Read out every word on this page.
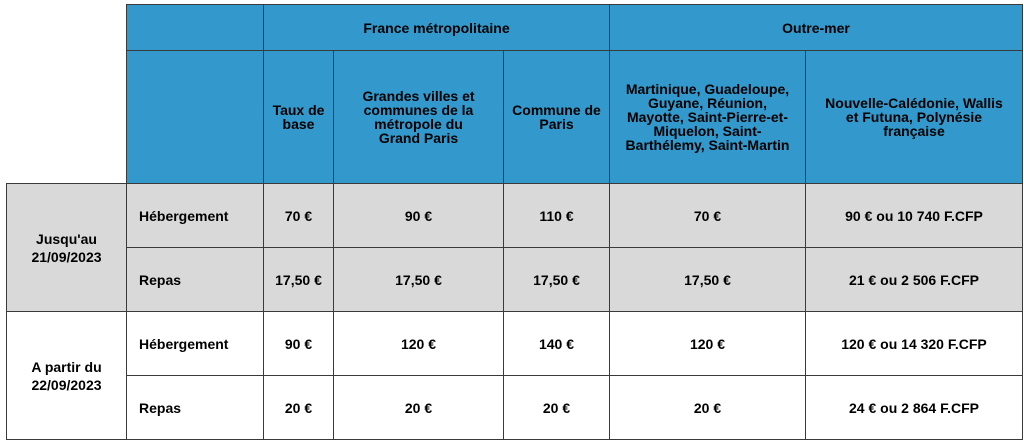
		France métropolitaine			Outre-mer	
		Taux de base	Grandes villes et communes de la métropole du Grand Paris	Commune de Paris	Martinique, Guadeloupe, Guyane, Réunion, Mayotte, Saint-Pierre-et-Miquelon, Saint-Barthélemy, Saint-Martin	Nouvelle-Calédonie, Wallis et Futuna, Polynésie française
Jusqu'au 21/09/2023	Hébergement	70 €	90 €	110 €	70 €	90 € ou 10 740 F.CFP
	Repas	17,50 €	17,50 €	17,50 €	17,50 €	21 € ou 2 506 F.CFP
A partir du 22/09/2023	Hébergement	90 €	120 €	140 €	120 €	120 € ou 14 320 F.CFP
	Repas	20 €	20 €	20 €	20 €	24 € ou 2 864 F.CFP
